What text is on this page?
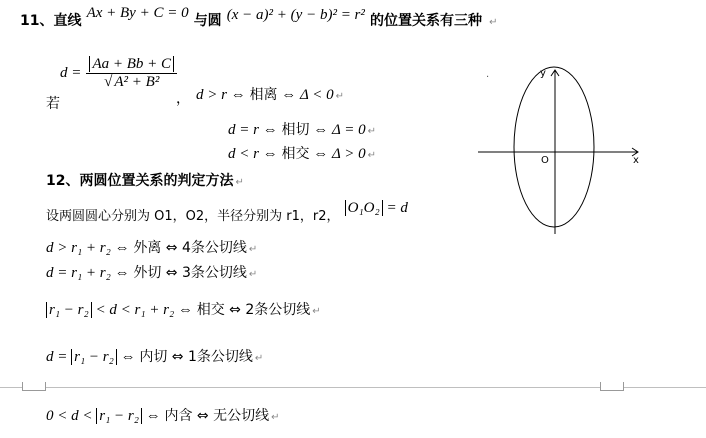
11、直线 Ax + By + C = 0 与圆 (x − a)² + (y − b)² = r² 的位置关系有三种 ↵
$d = \frac{Aa + Bb + C}{\text{√ A² + B²}}$
若	， d > r ⇔ 相离 ⇔ Δ < 0 ↵
d = r ⇔ 相切 ⇔ Δ = 0 ↵
d < r ⇔ 相交 ⇔ Δ > 0 ↵
12、两圆位置关系的判定方法 ↵
设两圆圆心分别为 O1，O2，半径分别为 r1，r2， O₁O₂ = d
d > r₁ + r₂ ⇔ 外离 ⇔ 4条公切线 ↵
d = r₁ + r₂ ⇔ 外切 ⇔ 3条公切线 ↵
r₁ − r₂ < d < r₁ + r₂ ⇔ 相交 ⇔ 2条公切线 ↵
d = r₁ − r₂ ⇔ 内切 ⇔ 1条公切线 ↵
0 < d < r₁ − r₂ ⇔ 内含 ⇔ 无公切线 ↵
·
x
y
O
